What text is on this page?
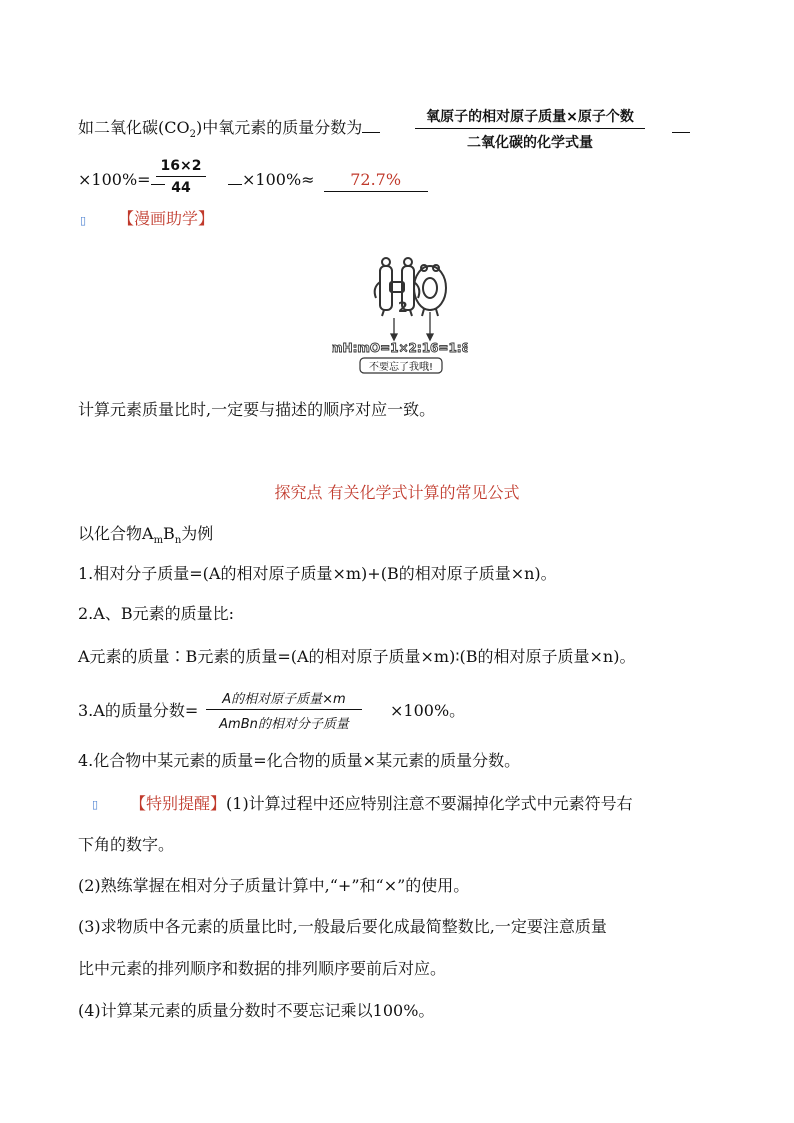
如二氧化碳$(CO_2)$中氧元素的质量分数为
氧原子的相对原子质量×原子个数
二氧化碳的化学式量
×100%=
16×2
44	×100%≈ 72.7%
▯ 【漫画助学】
2
mH:mO=1×2:16=1:8
不要忘了我哦!
计算元素质量比时,一定要与描述的顺序对应一致。
探究点 有关化学式计算的常见公式
以化合物$A_mB_n$为例
1.相对分子质量=(A的相对原子质量×m)+(B的相对原子质量×n)。
2.A、B元素的质量比:
A元素的质量∶B元素的质量=(A的相对原子质量×m)∶(B的相对原子质量×n)。
3.A的质量分数=
A的相对原子质量×m
AmBn的相对分子质量
×100%。
4.化合物中某元素的质量=化合物的质量×某元素的质量分数。
▯ 【特别提醒】(1)计算过程中还应特别注意不要漏掉化学式中元素符号右
下角的数字。
(2)熟练掌握在相对分子质量计算中,“+”和“×”的使用。
(3)求物质中各元素的质量比时,一般最后要化成最简整数比,一定要注意质量
比中元素的排列顺序和数据的排列顺序要前后对应。
(4)计算某元素的质量分数时不要忘记乘以100%。
